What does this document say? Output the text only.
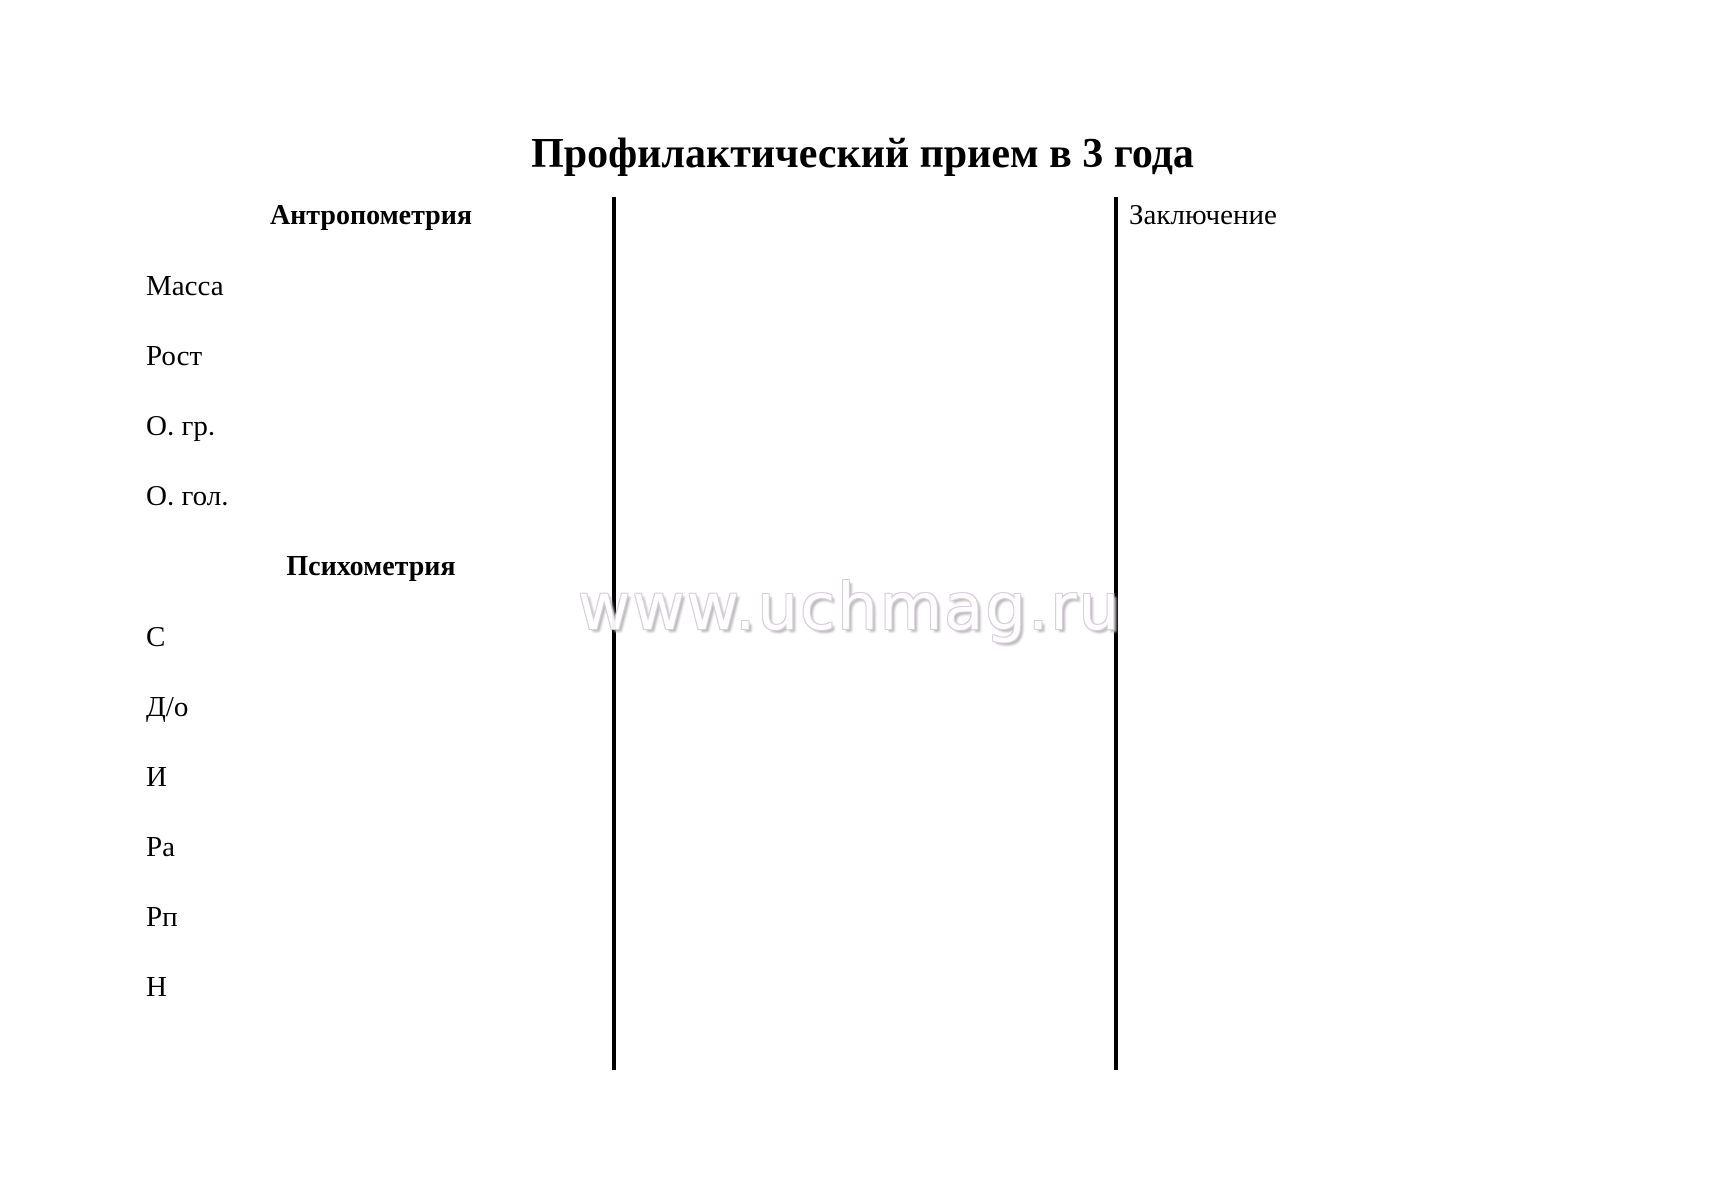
Профилактический прием в 3 года
Антропометрия
Масса
Рост
О. гр.
О. гол.
Психометрия
С
Д/о
И
Ра
Рп
Н
Заключение
www.uchmag.ru
